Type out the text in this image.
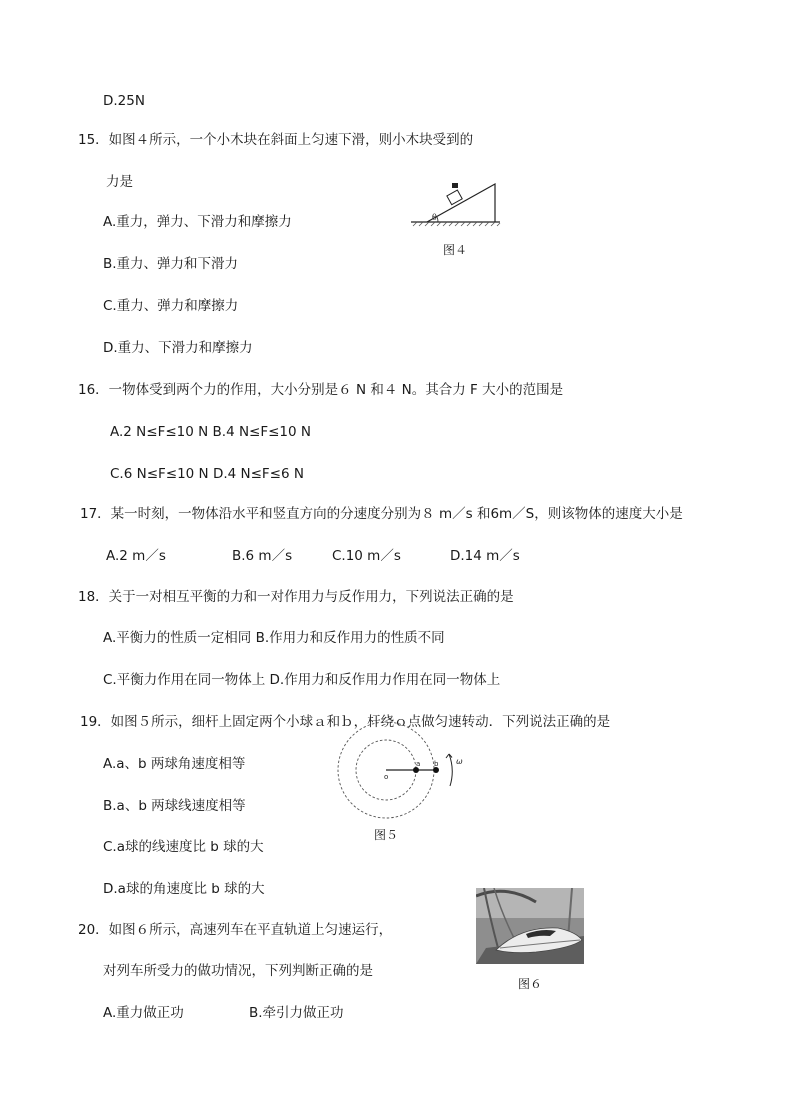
D.25N
15．如图４所示，一个小木块在斜面上匀速下滑，则小木块受到的
力是
A.重力，弹力、下滑力和摩擦力
B.重力、弹力和下滑力
C.重力、弹力和摩擦力
D.重力、下滑力和摩擦力
θ
图４
16．一物体受到两个力的作用，大小分别是６ N 和４ N。其合力 F 大小的范围是
A.2 N≤F≤10 N B.4 N≤F≤10 N
C.6 N≤F≤10 N D.4 N≤F≤6 N
17．某一时刻，一物体沿水平和竖直方向的分速度分别为８ m／s 和6m／S，则该物体的速度大小是
A.2 m／s	B.6 m／s	C.10 m／s	D.14 m／s
18．关于一对相互平衡的力和一对作用力与反作用力，下列说法正确的是
A.平衡力的性质一定相同 B.作用力和反作用力的性质不同
C.平衡力作用在同一物体上 D.作用力和反作用力作用在同一物体上
o
a b ω
19．如图５所示，细杆上固定两个小球ａ和ｂ，杆绕ｏ点做匀速转动．下列说法正确的是
A.a、b 两球角速度相等
B.a、b 两球线速度相等
C.a球的线速度比 b 球的大
D.a球的角速度比 b 球的大
图５
图６
20．如图６所示，高速列车在平直轨道上匀速运行，
对列车所受力的做功情况，下列判断正确的是
A.重力做正功	B.牵引力做正功
